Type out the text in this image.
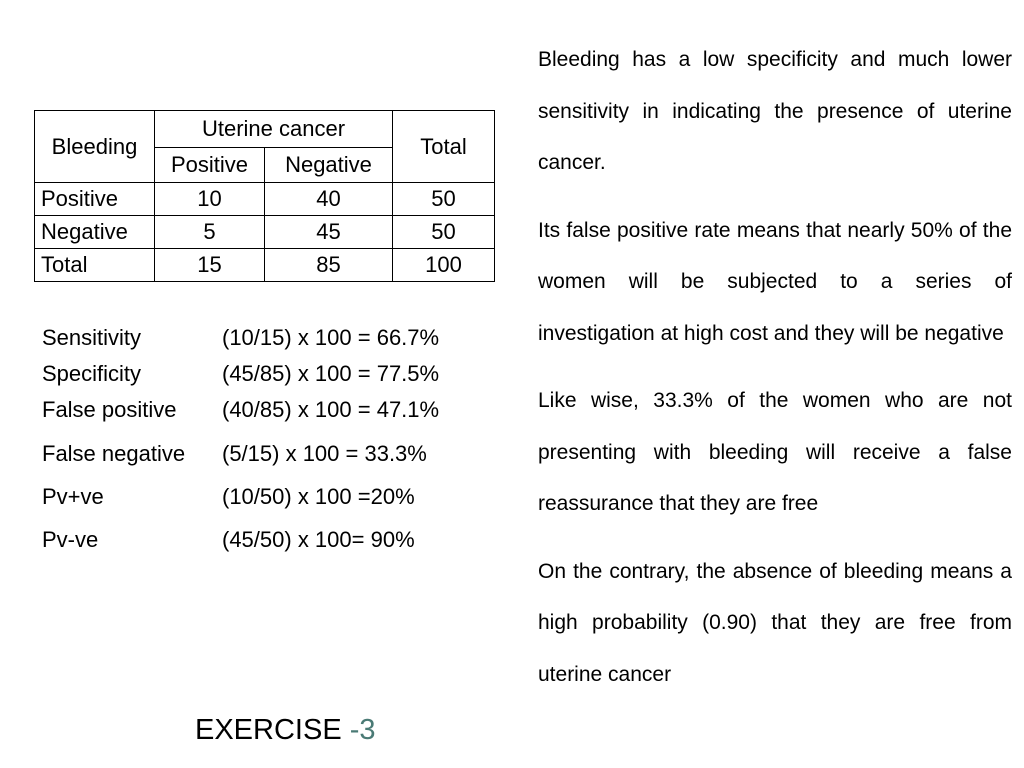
Bleeding	Uterine cancer		Total
	Positive	Negative	
Positive	10	40	50
Negative	5	45	50
Total	15	85	100
Sensitivity	(10/15) x 100 = 66.7%
Specificity	(45/85) x 100 = 77.5%
False positive (40/85) x 100 = 47.1%
False negative (5/15) x 100 = 33.3%
Pv+ve	(10/50) x 100 =20%
Pv-ve	(45/50) x 100= 90%

Bleeding has a low specificity and much lower sensitivity in indicating the presence of uterine cancer.

Its false positive rate means that nearly 50% of the women will be subjected to a series of investigation at high cost and they will be negative

Like wise, 33.3% of the women who are not presenting with bleeding will receive a false reassurance that they are free

On the contrary, the absence of bleeding means a high probability (0.90) that they are free from uterine cancer

EXERCISE -3
